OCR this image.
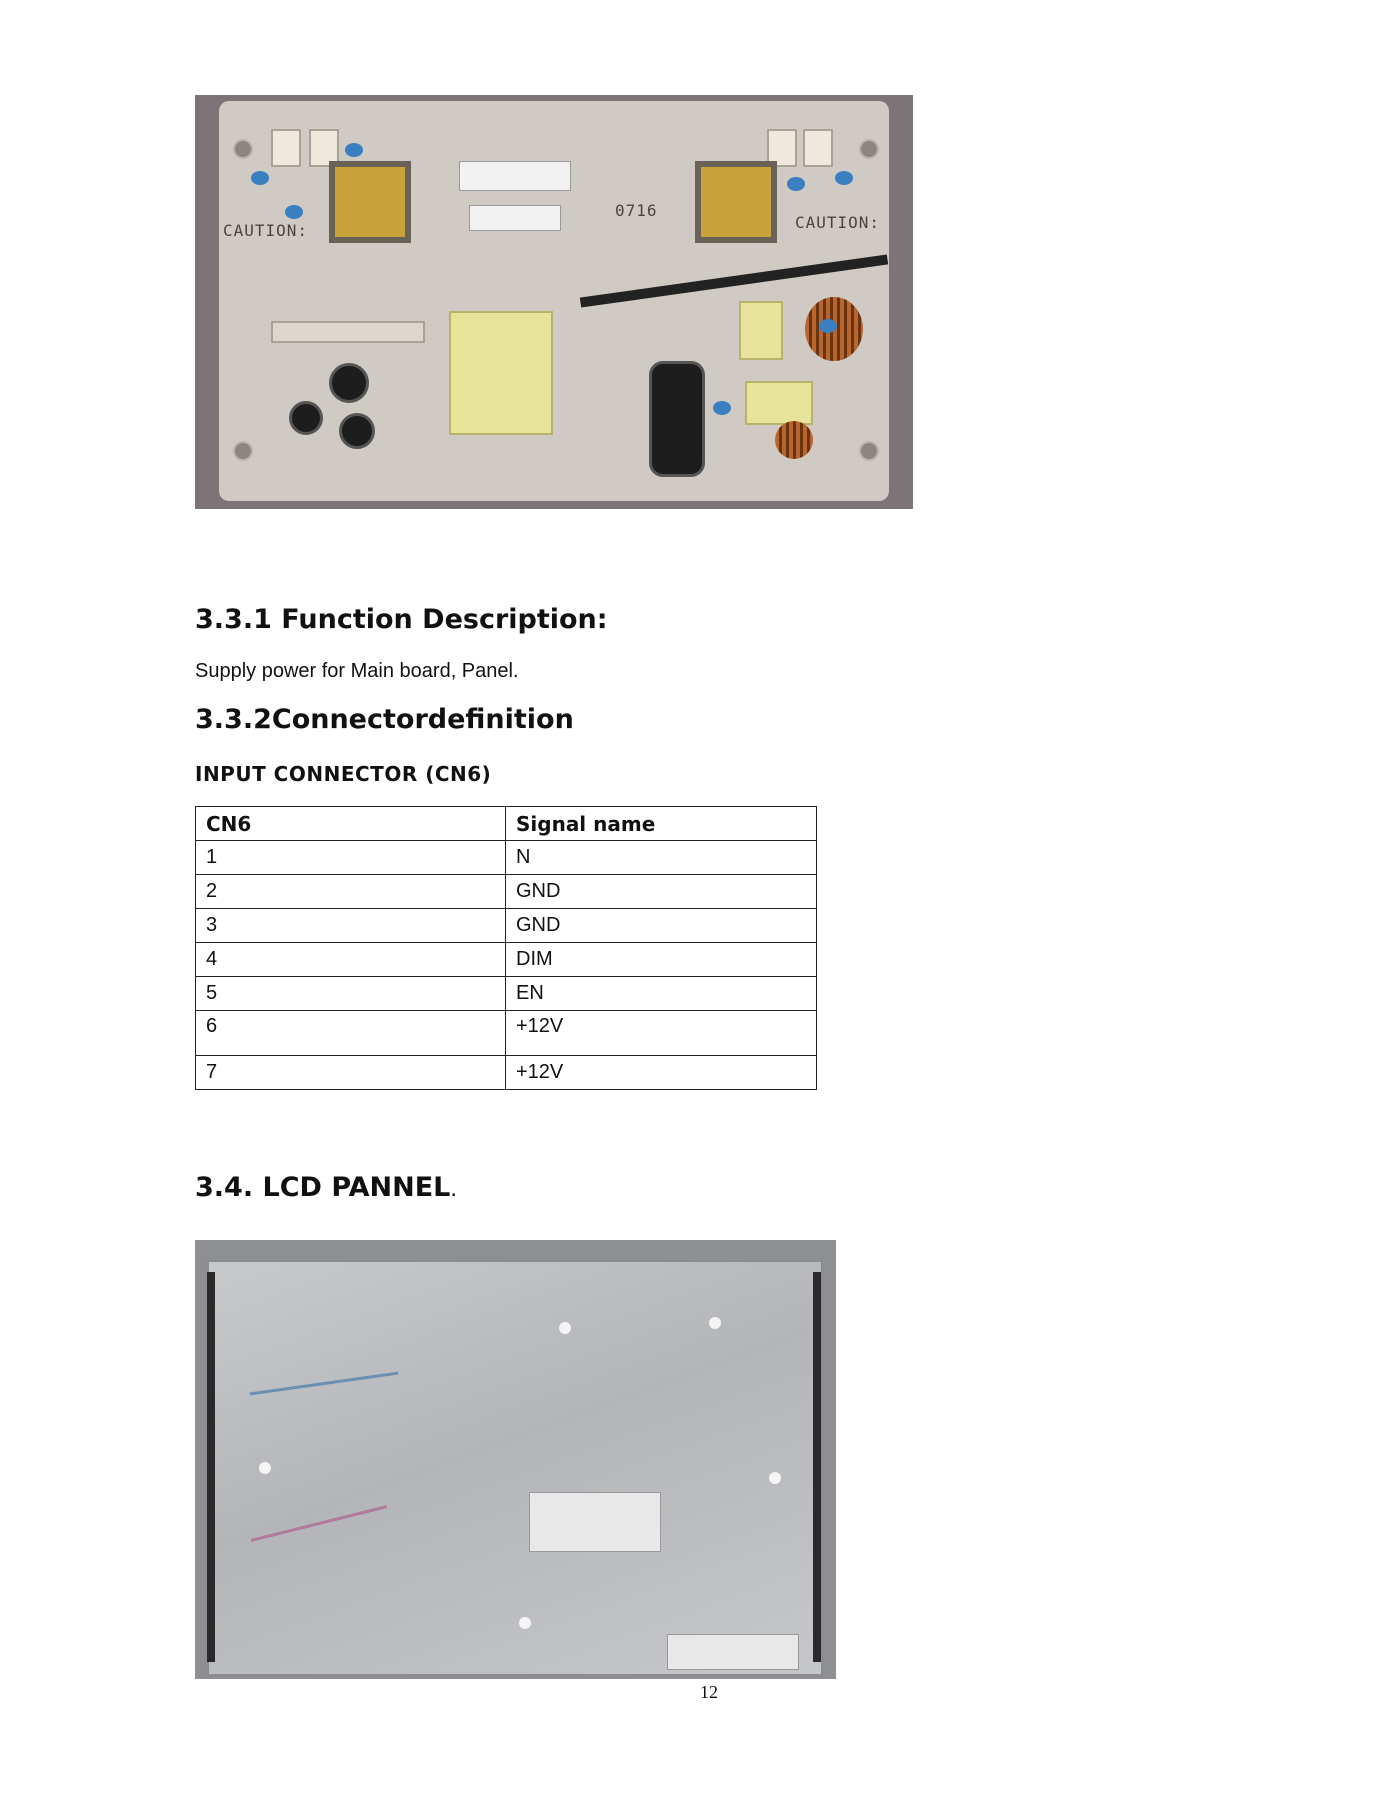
CAUTION:	CAUTION:
0716
3.3.1 Function Description:
Supply power for Main board, Panel.
3.3.2Connectordefinition
INPUT CONNECTOR (CN6)
CN6	Signal name
1	N
2	GND
3	GND
4	DIM
5	EN
6	+12V
7	+12V
3.4. LCD PANNEL.
12
